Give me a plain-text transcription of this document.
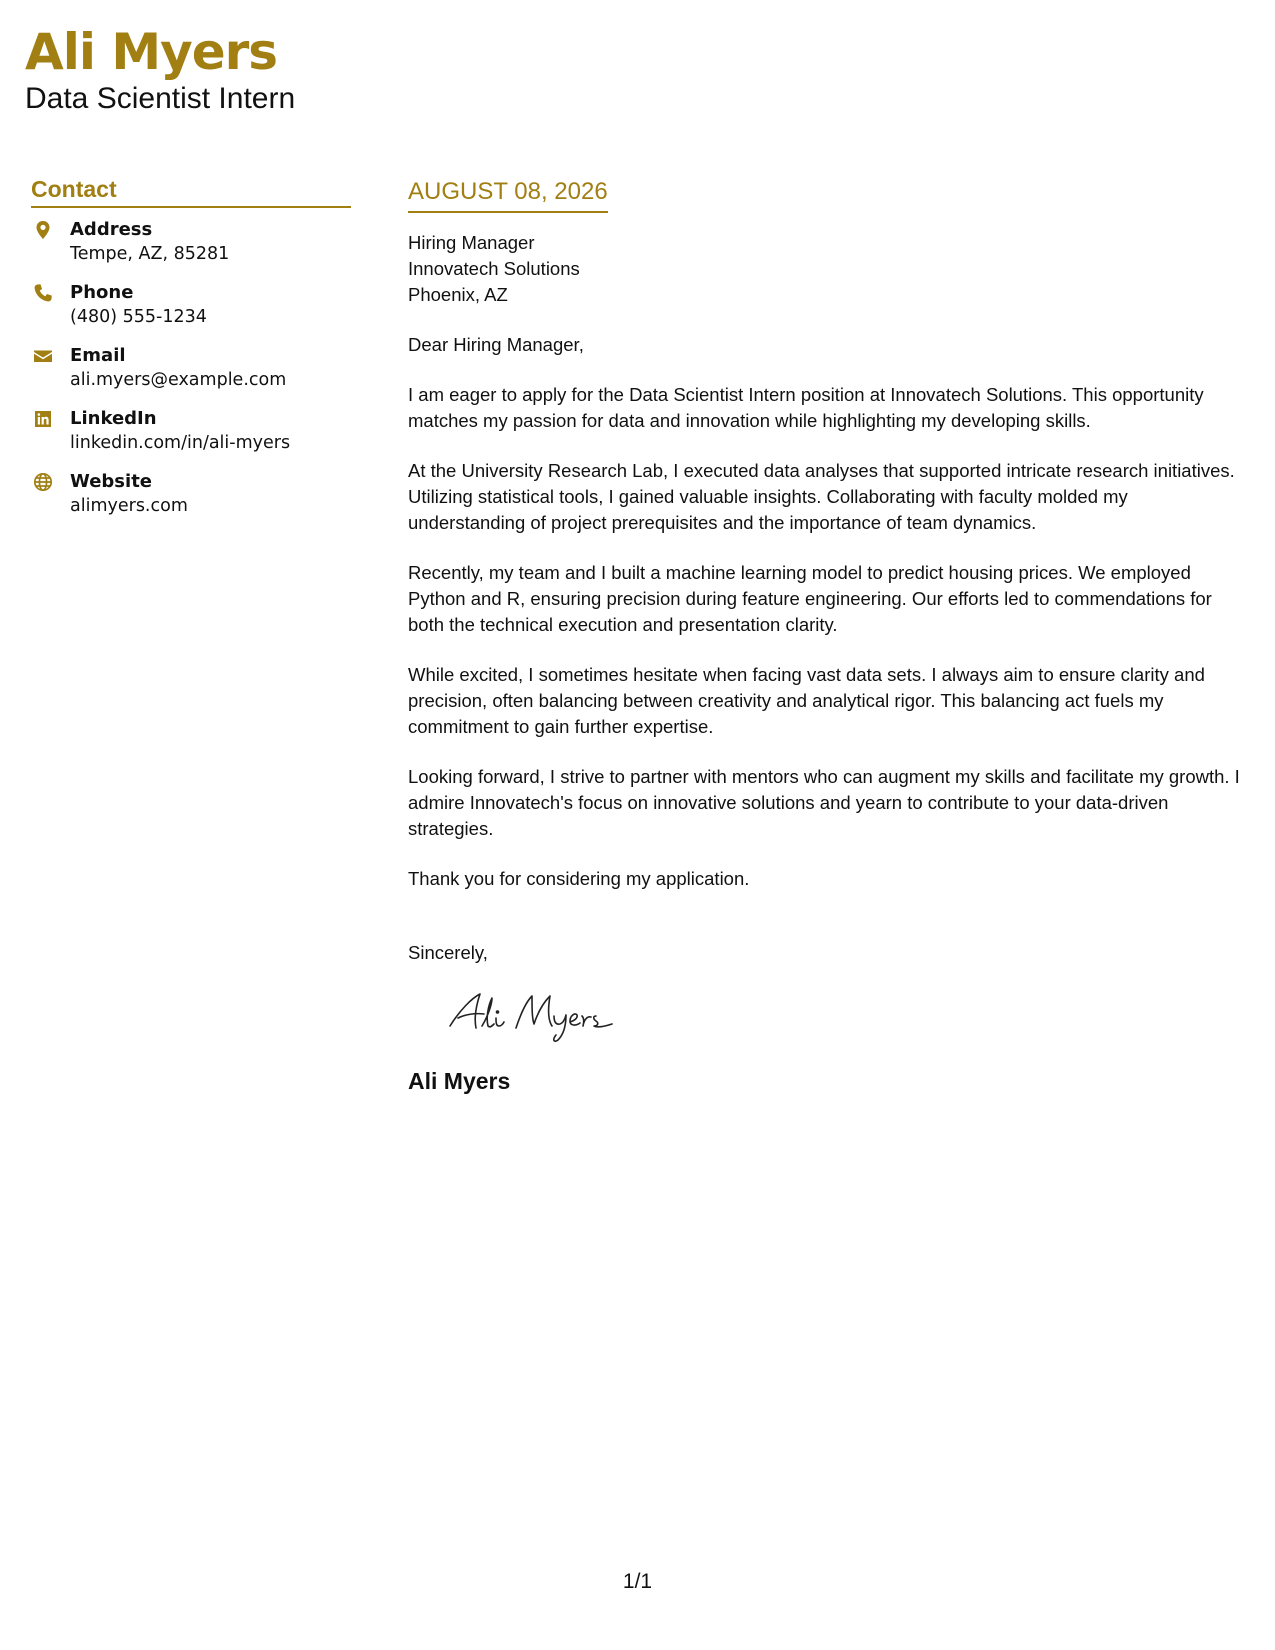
Ali Myers
Data Scientist Intern
Contact
Address
Tempe, AZ, 85281
Phone
(480) 555-1234
Email
ali.myers@example.com
LinkedIn
linkedin.com/in/ali-myers
Website
alimyers.com
AUGUST 08, 2026
Hiring Manager
Innovatech Solutions
Phoenix, AZ

Dear Hiring Manager,

I am eager to apply for the Data Scientist Intern position at Innovatech Solutions. This opportunity matches my passion for data and innovation while highlighting my developing skills.

At the University Research Lab, I executed data analyses that supported intricate research initiatives. Utilizing statistical tools, I gained valuable insights. Collaborating with faculty molded my understanding of project prerequisites and the importance of team dynamics.

Recently, my team and I built a machine learning model to predict housing prices. We employed Python and R, ensuring precision during feature engineering. Our efforts led to commendations for both the technical execution and presentation clarity.

While excited, I sometimes hesitate when facing vast data sets. I always aim to ensure clarity and precision, often balancing between creativity and analytical rigor. This balancing act fuels my commitment to gain further expertise.

Looking forward, I strive to partner with mentors who can augment my skills and facilitate my growth. I admire Innovatech's focus on innovative solutions and yearn to contribute to your data-driven strategies.

Thank you for considering my application.

Sincerely,

Ali Myers
1/1
